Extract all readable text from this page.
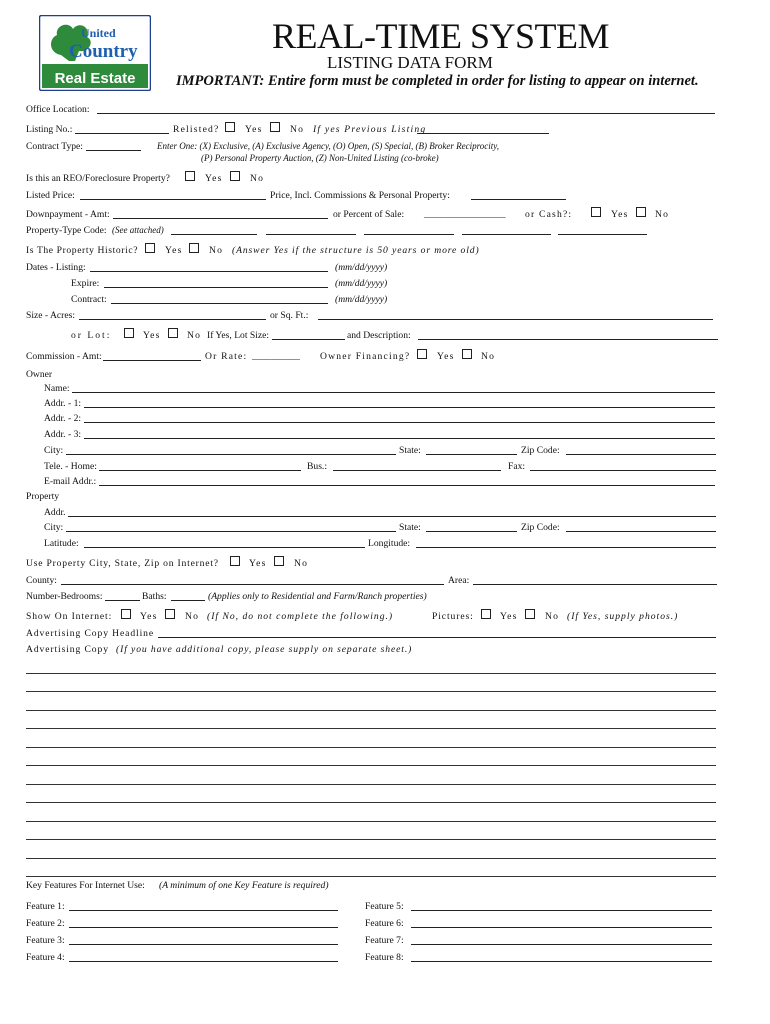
United
Country
Real Estate
REAL-TIME SYSTEM
LISTING DATA FORM
IMPORTANT: Entire form must be completed in order for listing to appear on internet.
Office Location:
Listing No.:	Relisted?	Yes	No If yes Previous Listing
Contract Type:	Enter One: (X) Exclusive, (A) Exclusive Agency, (O) Open, (S) Special, (B) Broker Reciprocity,
(P) Personal Property Auction, (Z) Non-United Listing (co-broke)
Is this an REO/Foreclosure Property?	Yes	No
Listed Price:	Price, Incl. Commissions & Personal Property:
Downpayment - Amt:	or Percent of Sale: _________________ or Cash?:	Yes	No
Property-Type Code: (See attached)
Is The Property Historic?	Yes	No (Answer Yes if the structure is 50 years or more old)
Dates - Listing:	(mm/dd/yyyy)
Expire:	(mm/dd/yyyy)
Contract:	(mm/dd/yyyy)
Size - Acres:	or Sq. Ft.:
or Lot:	Yes	No If Yes, Lot Size:	and Description:
Commission - Amt:	Or Rate: __________ Owner Financing?	Yes	No
Owner
Name:
Addr. - 1:
Addr. - 2:
Addr. - 3:
City:	State:	Zip Code:
Tele. - Home:	Bus.:	Fax:
E-mail Addr.:
Property
Addr.
City:	State:	Zip Code:
Latitude:	Longitude:
Use Property City, State, Zip on Internet?	Yes	No
County:	Area:
Number-Bedrooms:	Baths:	(Applies only to Residential and Farm/Ranch properties)
Show On Internet:	Yes	No (If No, do not complete the following.)	Pictures:	Yes	No (If Yes, supply photos.)
Advertising Copy Headline
Advertising Copy (If you have additional copy, please supply on separate sheet.)
Key Features For Internet Use: (A minimum of one Key Feature is required)
Feature 1:
Feature 2:
Feature 3:
Feature 4:
Feature 5:
Feature 6:
Feature 7:
Feature 8:
